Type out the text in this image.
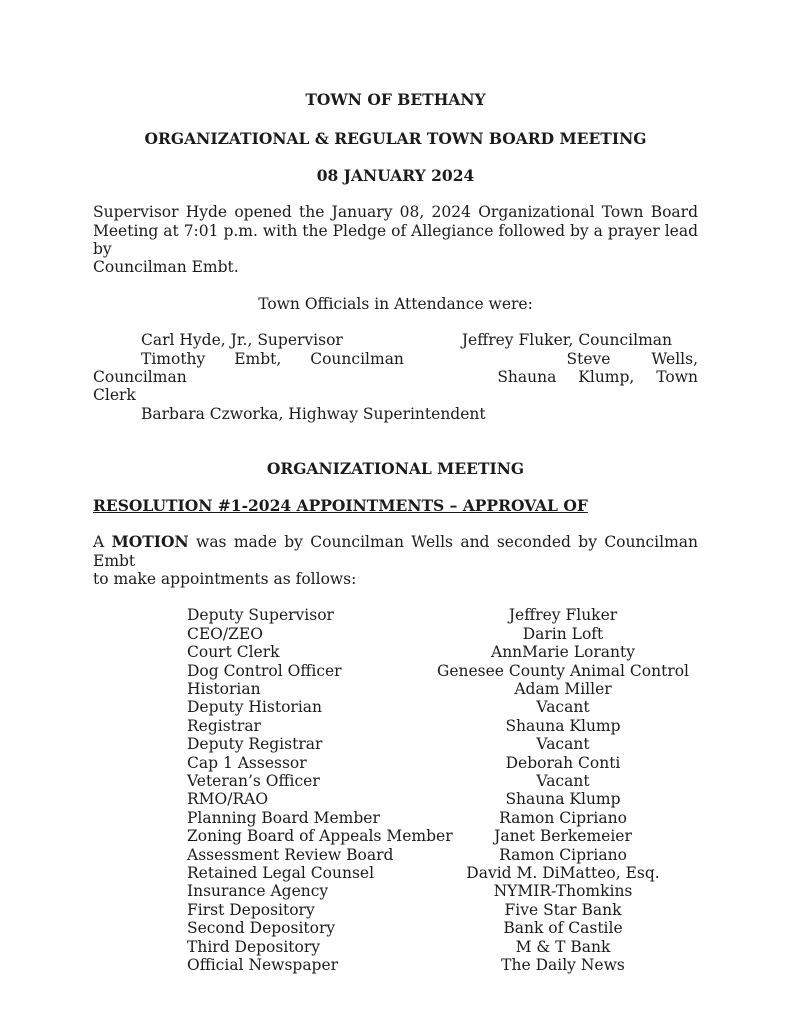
TOWN OF BETHANY
ORGANIZATIONAL & REGULAR TOWN BOARD MEETING
08 JANUARY 2024
Supervisor Hyde opened the January 08, 2024 Organizational Town Board
Meeting at 7:01 p.m. with the Pledge of Allegiance followed by a prayer lead by
Councilman Embt.
Town Officials in Attendance were:
Carl Hyde, Jr., Supervisor	Jeffrey Fluker, Councilman
Timothy Embt, Councilman	Steve Wells,
Councilman	Shauna Klump, Town
Clerk
Barbara Czworka, Highway Superintendent
ORGANIZATIONAL MEETING
RESOLUTION #1-2024 APPOINTMENTS – APPROVAL OF
A MOTION was made by Councilman Wells and seconded by Councilman Embt
to make appointments as follows:
Deputy Supervisor	Jeffrey Fluker
CEO/ZEO	Darin Loft
Court Clerk	AnnMarie Loranty
Dog Control Officer	Genesee County Animal Control
Historian	Adam Miller
Deputy Historian	Vacant
Registrar	Shauna Klump
Deputy Registrar	Vacant
Cap 1 Assessor	Deborah Conti
Veteran’s Officer	Vacant
RMO/RAO	Shauna Klump
Planning Board Member	Ramon Cipriano
Zoning Board of Appeals Member	Janet Berkemeier
Assessment Review Board	Ramon Cipriano
Retained Legal Counsel	David M. DiMatteo, Esq.
Insurance Agency	NYMIR-Thomkins
First Depository	Five Star Bank
Second Depository	Bank of Castile
Third Depository	M & T Bank
Official Newspaper	The Daily News
